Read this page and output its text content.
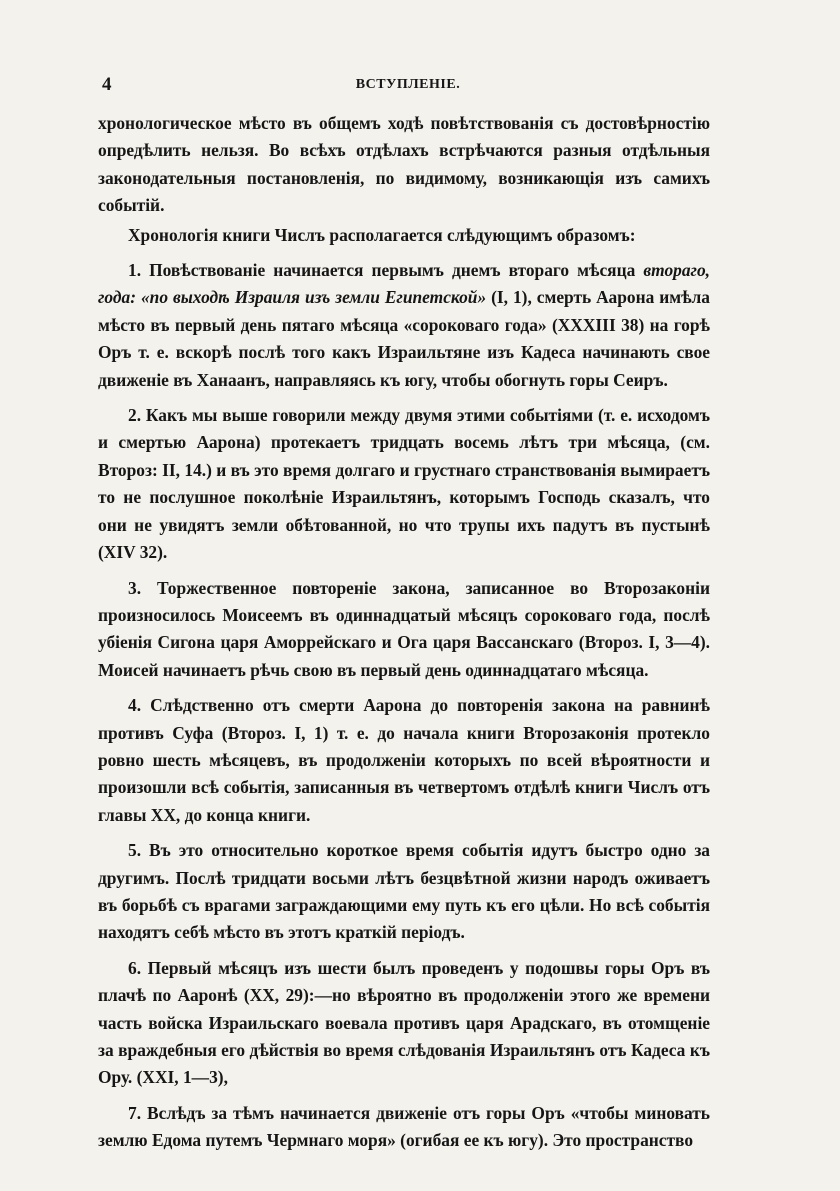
4	ВСТУПЛЕНІЕ.

хронологическое мѣсто въ общемъ ходѣ повѣтствованія съ достовѣрностію опредѣлить нельзя. Во всѣхъ отдѣлахъ встрѣчаются разныя отдѣльныя законодательныя постановленія, по видимому, возникающія изъ самихъ событій.

Хронологія книги Числъ располагается слѣдующимъ образомъ:

1. Повѣствованіе начинается первымъ днемъ втораго мѣсяца втораго, года: «по выходѣ Израиля изъ земли Египетской» (I, 1), смерть Аарона имѣла мѣсто въ первый день пятаго мѣсяца «сороковаго года» (XXXIII 38) на горѣ Оръ т. е. вскорѣ послѣ того какъ Израильтяне изъ Кадеса начинають свое движеніе въ Ханаанъ, направляясь къ югу, чтобы обогнуть горы Сеиръ.

2. Какъ мы выше говорили между двумя этими событіями (т. е. исходомъ и смертью Аарона) протекаетъ тридцать восемь лѣтъ три мѣсяца, (см. Второз: II, 14.) и въ это время долгаго и грустнаго странствованія вымираетъ то не послушное поколѣніе Израильтянъ, которымъ Господь сказалъ, что они не увидятъ земли обѣтованной, но что трупы ихъ падутъ въ пустынѣ (XIV 32).

3. Торжественное повтореніе закона, записанное во Второзаконіи произносилось Моисеемъ въ одиннадцатый мѣсяцъ сороковаго года, послѣ убіенія Сигона царя Аморрейскаго и Ога царя Вассанскаго (Второз. I, 3—4). Моисей начинаетъ рѣчь свою въ первый день одиннадцатаго мѣсяца.

4. Слѣдственно отъ смерти Аарона до повторенія закона на равнинѣ противъ Суфа (Второз. I, 1) т. е. до начала книги Второзаконія протекло ровно шесть мѣсяцевъ, въ продолженіи которыхъ по всей вѣроятности и произошли всѣ событія, записанныя въ четвертомъ отдѣлѣ книги Числъ отъ главы XX, до конца книги.

5. Въ это относительно короткое время событія идутъ быстро одно за другимъ. Послѣ тридцати восьми лѣтъ безцвѣтной жизни народъ оживаетъ въ борьбѣ съ врагами заграждающими ему путь къ его цѣли. Но всѣ событія находятъ себѣ мѣсто въ этотъ краткій періодъ.

6. Первый мѣсяцъ изъ шести былъ проведенъ у подошвы горы Оръ въ плачѣ по Ааронѣ (XX, 29):—но вѣроятно въ продолженіи этого же времени часть войска Израильскаго воевала противъ царя Арадскаго, въ отомщеніе за враждебныя его дѣйствія во время слѣдованія Израильтянъ отъ Кадеса къ Ору. (XXI, 1—3),

7. Вслѣдъ за тѣмъ начинается движеніе отъ горы Оръ «чтобы миновать землю Едома путемъ Чермнаго моря» (огибая ее къ югу). Это пространство
